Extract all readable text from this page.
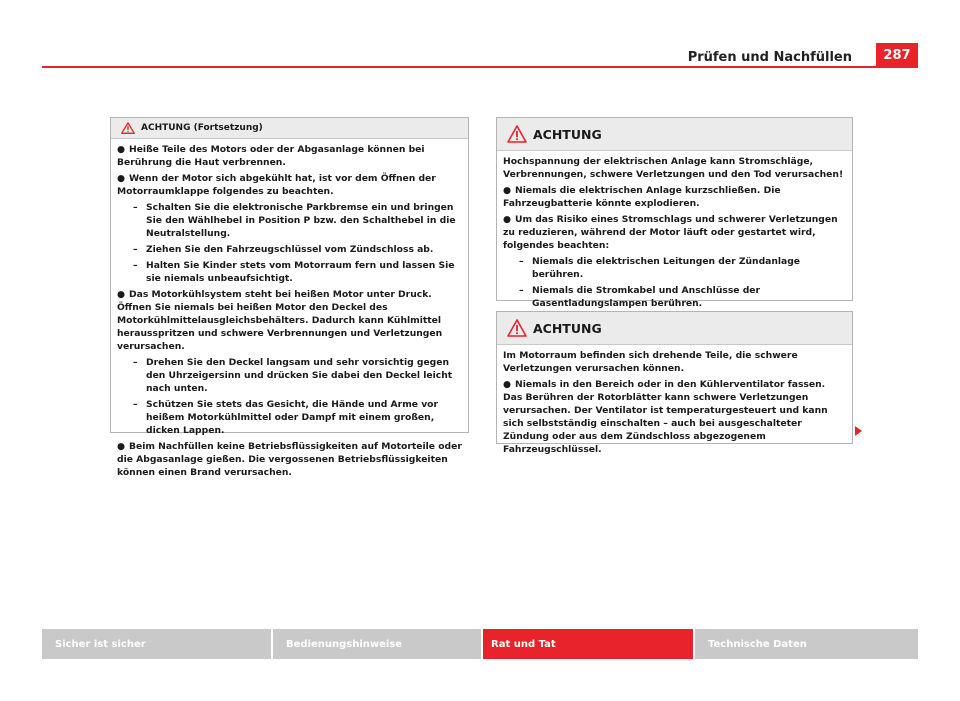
Prüfen und Nachfüllen	287
ACHTUNG (Fortsetzung)
● Heiße Teile des Motors oder der Abgasanlage können bei Berührung die Haut verbrennen.
● Wenn der Motor sich abgekühlt hat, ist vor dem Öffnen der Motorraumklappe folgendes zu beachten.
– Schalten Sie die elektronische Parkbremse ein und bringen Sie den Wählhebel in Position P bzw. den Schalthebel in die Neutralstellung.
– Ziehen Sie den Fahrzeugschlüssel vom Zündschloss ab.
– Halten Sie Kinder stets vom Motorraum fern und lassen Sie sie niemals unbeaufsichtigt.
● Das Motorkühlsystem steht bei heißen Motor unter Druck. Öffnen Sie niemals bei heißen Motor den Deckel des Motorkühlmittelausgleichsbehälters. Dadurch kann Kühlmittel herausspritzen und schwere Verbrennungen und Verletzungen verursachen.
– Drehen Sie den Deckel langsam und sehr vorsichtig gegen den Uhrzeigersinn und drücken Sie dabei den Deckel leicht nach unten.
– Schützen Sie stets das Gesicht, die Hände und Arme vor heißem Motorkühlmittel oder Dampf mit einem großen, dicken Lappen.
● Beim Nachfüllen keine Betriebsflüssigkeiten auf Motorteile oder die Abgasanlage gießen. Die vergossenen Betriebsflüssigkeiten können einen Brand verursachen.
ACHTUNG
Hochspannung der elektrischen Anlage kann Stromschläge, Verbrennungen, schwere Verletzungen und den Tod verursachen!
● Niemals die elektrischen Anlage kurzschließen. Die Fahrzeugbatterie könnte explodieren.
● Um das Risiko eines Stromschlags und schwerer Verletzungen zu reduzieren, während der Motor läuft oder gestartet wird, folgendes beachten:
– Niemals die elektrischen Leitungen der Zündanlage berühren.
– Niemals die Stromkabel und Anschlüsse der Gasentladungslampen berühren.
ACHTUNG
Im Motorraum befinden sich drehende Teile, die schwere Verletzungen verursachen können.
● Niemals in den Bereich oder in den Kühlerventilator fassen. Das Berühren der Rotorblätter kann schwere Verletzungen verursachen. Der Ventilator ist temperaturgesteuert und kann sich selbstständig einschalten – auch bei ausgeschalteter Zündung oder aus dem Zündschloss abgezogenem Fahrzeugschlüssel.
Sicher ist sicher	Bedienungshinweise	Rat und Tat	Technische Daten
